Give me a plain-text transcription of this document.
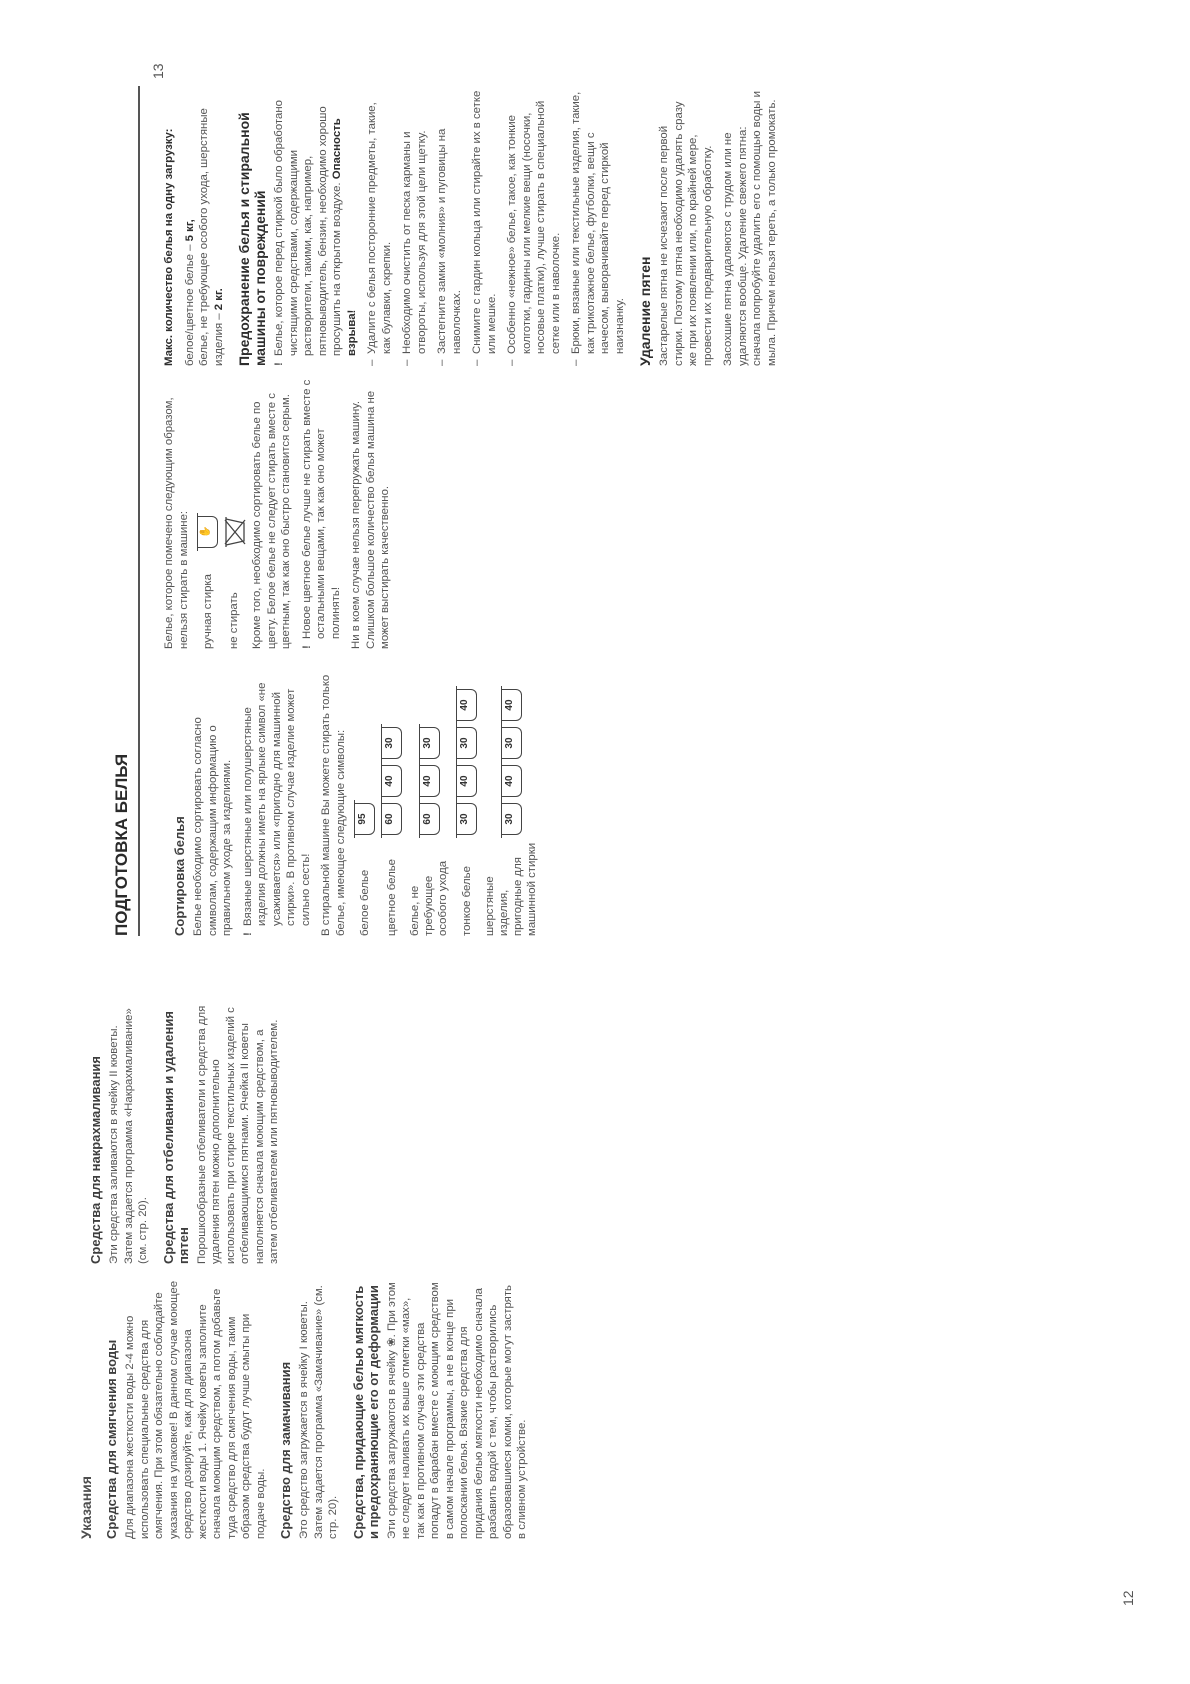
Указания Средства для смягчения воды Для диапазона жесткости воды 2-4 можно использовать специальные средства для смягчения. При этом обязательно соблюдайте указания на упаковке! В данном случае моющее средство дозируйте, как для диапазона жесткости воды 1. Ячейку коветы заполните сначала моющим средством, а потом добавьте туда средство для смягчения воды, таким образом средства будут лучше смыты при подаче воды. Средство для замачивания Это средство загружается в ячейку I кюветы. Затем задается программа «Замачивание» (см. стр. 20). Средства, придающие белью мягкость и предохраняющие его от деформации Эти средства загружаются в ячейку ❀. При этом не следует наливать их выше отметки «мах», так как в противном случае эти средства попадут в барабан вместе с моющим средством в самом начале программы, а не в конце при полоскании белья. Вязкие средства для придания белью мягкости необходимо сначала разбавить водой с тем, чтобы растворились образовавшиеся комки, которые могут застрять в сливном устройстве.

Средства для накрахмаливания Эти средства заливаются в ячейку II кюветы. Затем задается программа «Накрахмаливание» (см. стр. 20). Средства для отбеливания и удаления пятен Порошкообразные отбеливатели и средства для удаления пятен можно дополнительно использовать при стирке текстильных изделий с отбеливающимися пятнами. Ячейка II коветы наполняется сначала моющим средством, а затем отбеливателем или пятновыводителем.

12
ПОДГОТОВКА БЕЛЬЯ	Сортировка белья Белье необходимо сортировать согласно символам, содержащим информацию о правильном уходе за изделиями. ! Вязаные шерстяные или полушерстяные изделия должны иметь на ярлыке символ «не усаживается» или «пригодно для машинной стирки». В противном случае изделие может сильно сесть! В стиральной машине Вы можете стирать только белье, имеющее следующие символы: белое белье
95
цветное белье
60
40
30
белье, не требующее особого ухода
60
40
30
тонкое белье
30
40
30
40
шерстяные изделия, пригодные для машинной стирки
30
40
30
40

Белье, которое помечено следующим образом, нельзя стирать в машине: ручная стирка
✋
не стирать Кроме того, необходимо сортировать белье по цвету. Белое белье не следует стирать вместе с цветным, так как оно быстро становится серым. ! Новое цветное белье лучше не стирать вместе с остальными вещами, так как оно может полинять! Ни в коем случае нельзя перегружать машину. Слишком большое количество белья машина не может выстирать качественно.

Макс. количество белья на одну загрузку: белое/цветное белье – 5 кг, белье, не требующее особого ухода, шерстяные изделия – 2 кг. Предохранение белья и стиральной машины от повреждений ! Белье, которое перед стиркой было обработано чистящими средствами, содержащими растворители, такими, как, например, пятновыводитель, бензин, необходимо хорошо просушить на открытом воздухе. Опасность взрыва! – Удалите с белья посторонние предметы, такие, как булавки, скрепки. – Необходимо очистить от песка карманы и отвороты, используя для этой цели щетку. – Застегните замки «молния» и пуговицы на наволочках. – Снимите с гардин кольца или стирайте их в сетке или мешке. – Особенно «нежное» белье, такое, как тонкие колготки, гардины или мелкие вещи (носочки, носовые платки), лучше стирать в специальной сетке или в наволочке. – Брюки, вязаные или текстильные изделия, такие, как трикотажное белье, футболки, вещи с начесом, выворачивайте перед стиркой наизнанку. Удаление пятен Застарелые пятна не исчезают после первой стирки. Поэтому пятна необходимо удалять сразу же при их появлении или, по крайней мере, провести их предварительную обработку. Засохшие пятна удаляются с трудом или не удаляются вообще. Удаление свежего пятна: сначала попробуйте удалить его с помощью воды и мыла. Причем нельзя тереть, а только промокать.

13
